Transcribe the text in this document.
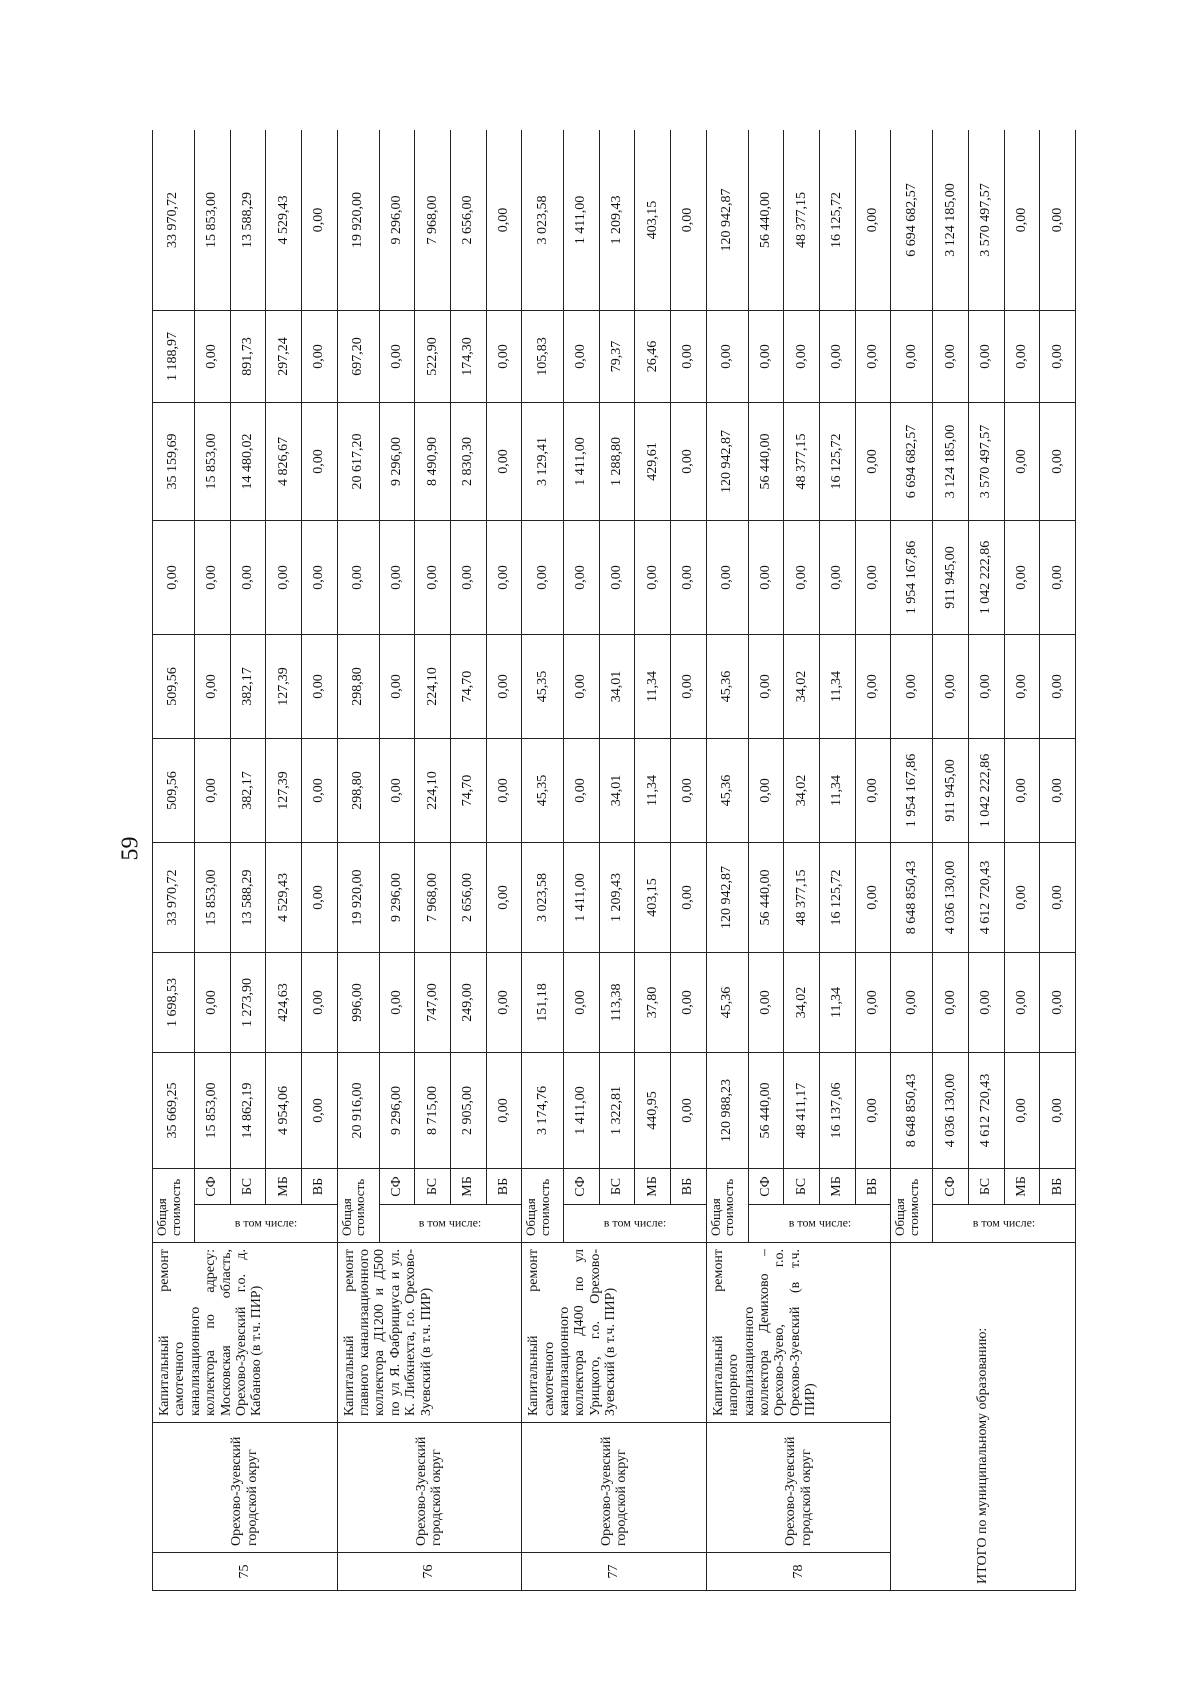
59
75	Орехово-Зуевский городской округ	Капитальный ремонт самотечного канализационного коллектора по адресу: Московская область, Орехово-Зуевский г.о. д. Кабаново (в т.ч. ПИР)	Общая стоимость		35 669,25	1 698,53	33 970,72	509,56	509,56	0,00	35 159,69	1 188,97	33 970,72

			в том числе:	СФ	15 853,00	0,00	15 853,00	0,00	0,00	0,00	15 853,00	0,00	15 853,00
				БС	14 862,19	1 273,90	13 588,29	382,17	382,17	0,00	14 480,02	891,73	13 588,29
				МБ	4 954,06	424,63	4 529,43	127,39	127,39	0,00	4 826,67	297,24	4 529,43
				ВБ	0,00	0,00	0,00	0,00	0,00	0,00	0,00	0,00	0,00
76	Орехово-Зуевский городской округ	Капитальный ремонт главного канализационного коллектора Д1200 и Д500 по ул Я. Фабрициуса и ул. К. Либкнехта, г.о. Орехово-Зуевский (в т.ч. ПИР)	Общая стоимость		20 916,00	996,00	19 920,00	298,80	298,80	0,00	20 617,20	697,20	19 920,00

			в том числе:	СФ	9 296,00	0,00	9 296,00	0,00	0,00	0,00	9 296,00	0,00	9 296,00
				БС	8 715,00	747,00	7 968,00	224,10	224,10	0,00	8 490,90	522,90	7 968,00
				МБ	2 905,00	249,00	2 656,00	74,70	74,70	0,00	2 830,30	174,30	2 656,00
				ВБ	0,00	0,00	0,00	0,00	0,00	0,00	0,00	0,00	0,00
77	Орехово-Зуевский городской округ	Капитальный ремонт самотечного канализационного коллектора Д400 по ул Урицкого, г.о. Орехово-Зуевский (в т.ч. ПИР)	Общая стоимость		3 174,76	151,18	3 023,58	45,35	45,35	0,00	3 129,41	105,83	3 023,58

			в том числе:	СФ	1 411,00	0,00	1 411,00	0,00	0,00	0,00	1 411,00	0,00	1 411,00
				БС	1 322,81	113,38	1 209,43	34,01	34,01	0,00	1 288,80	79,37	1 209,43
				МБ	440,95	37,80	403,15	11,34	11,34	0,00	429,61	26,46	403,15
				ВБ	0,00	0,00	0,00	0,00	0,00	0,00	0,00	0,00	0,00
78	Орехово-Зуевский городской округ	Капитальный ремонт напорного канализационного коллектора Демихово – Орехово-Зуево, г.о. Орехово-Зуевский (в т.ч. ПИР)	Общая стоимость		120 988,23	45,36	120 942,87	45,36	45,36	0,00	120 942,87	0,00	120 942,87

			в том числе:	СФ	56 440,00	0,00	56 440,00	0,00	0,00	0,00	56 440,00	0,00	56 440,00
				БС	48 411,17	34,02	48 377,15	34,02	34,02	0,00	48 377,15	0,00	48 377,15
				МБ	16 137,06	11,34	16 125,72	11,34	11,34	0,00	16 125,72	0,00	16 125,72
				ВБ	0,00	0,00	0,00	0,00	0,00	0,00	0,00	0,00	0,00
ИТОГО по муниципальному образованию:			Общая стоимость		8 648 850,43	0,00	8 648 850,43	1 954 167,86	0,00	1 954 167,86	6 694 682,57	0,00	6 694 682,57

			в том числе:	СФ	4 036 130,00	0,00	4 036 130,00	911 945,00	0,00	911 945,00	3 124 185,00	0,00	3 124 185,00
				БС	4 612 720,43	0,00	4 612 720,43	1 042 222,86	0,00	1 042 222,86	3 570 497,57	0,00	3 570 497,57
				МБ	0,00	0,00	0,00	0,00	0,00	0,00	0,00	0,00	0,00
				ВБ	0,00	0,00	0,00	0,00	0,00	0,00	0,00	0,00	0,00
